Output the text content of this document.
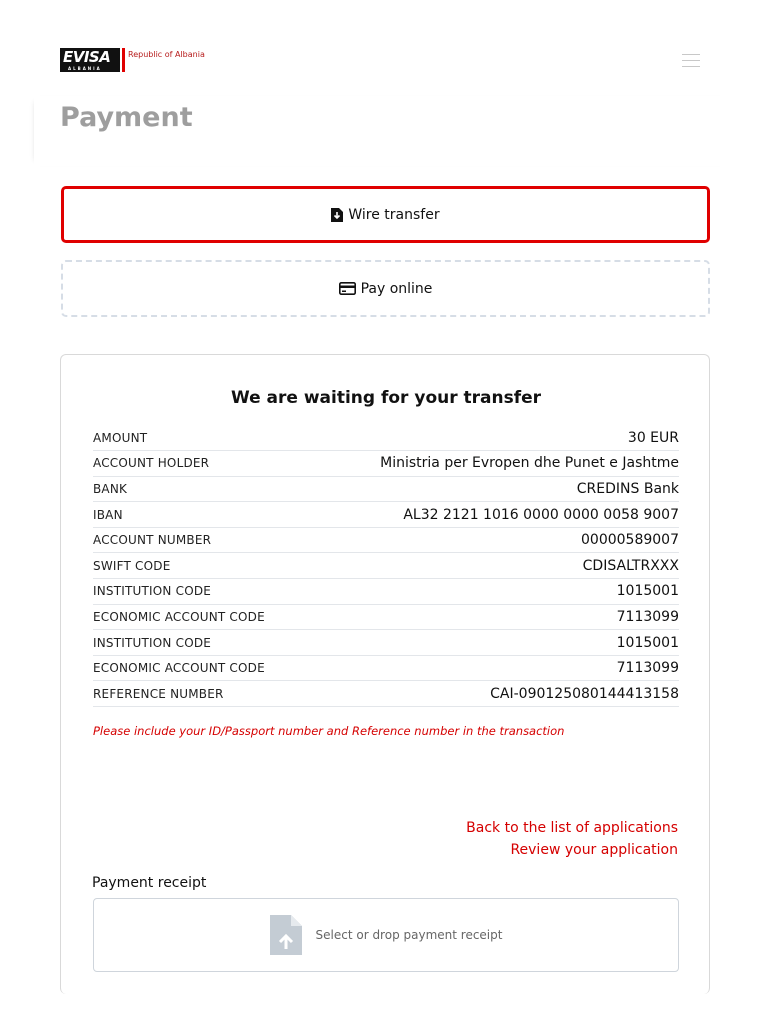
EVISA
ALBANIA
Republic of Albania
Payment
Wire transfer
Pay online
We are waiting for your transfer
AMOUNT	30 EUR
ACCOUNT HOLDER	Ministria per Evropen dhe Punet e Jashtme
BANK	CREDINS Bank
IBAN	AL32 2121 1016 0000 0000 0058 9007
ACCOUNT NUMBER	00000589007
SWIFT CODE	CDISALTRXXX
INSTITUTION CODE	1015001
ECONOMIC ACCOUNT CODE	7113099
INSTITUTION CODE	1015001
ECONOMIC ACCOUNT CODE	7113099
REFERENCE NUMBER	CAI-090125080144413158

Please include your ID/Passport number and Reference number in the transaction

Back to the list of applications
Review your application
Payment receipt
Select or drop payment receipt
